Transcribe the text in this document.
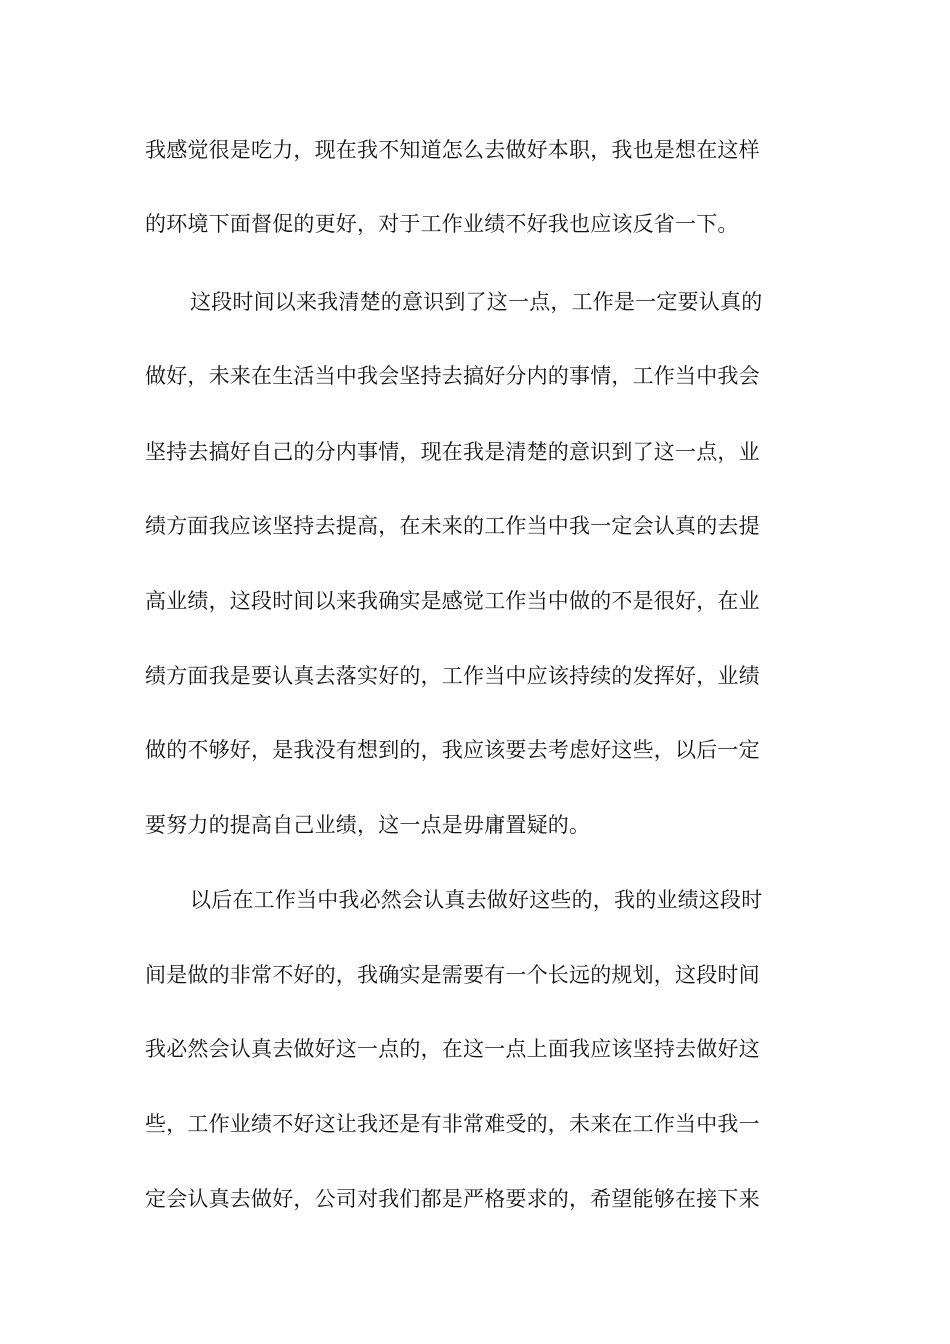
我感觉很是吃力，现在我不知道怎么去做好本职，我也是想在这样
的环境下面督促的更好，对于工作业绩不好我也应该反省一下。
这段时间以来我清楚的意识到了这一点，工作是一定要认真的
做好，未来在生活当中我会坚持去搞好分内的事情，工作当中我会
坚持去搞好自己的分内事情，现在我是清楚的意识到了这一点，业
绩方面我应该坚持去提高，在未来的工作当中我一定会认真的去提
高业绩，这段时间以来我确实是感觉工作当中做的不是很好，在业
绩方面我是要认真去落实好的，工作当中应该持续的发挥好，业绩
做的不够好，是我没有想到的，我应该要去考虑好这些，以后一定
要努力的提高自己业绩，这一点是毋庸置疑的。
以后在工作当中我必然会认真去做好这些的，我的业绩这段时
间是做的非常不好的，我确实是需要有一个长远的规划，这段时间
我必然会认真去做好这一点的，在这一点上面我应该坚持去做好这
些，工作业绩不好这让我还是有非常难受的，未来在工作当中我一
定会认真去做好，公司对我们都是严格要求的，希望能够在接下来
